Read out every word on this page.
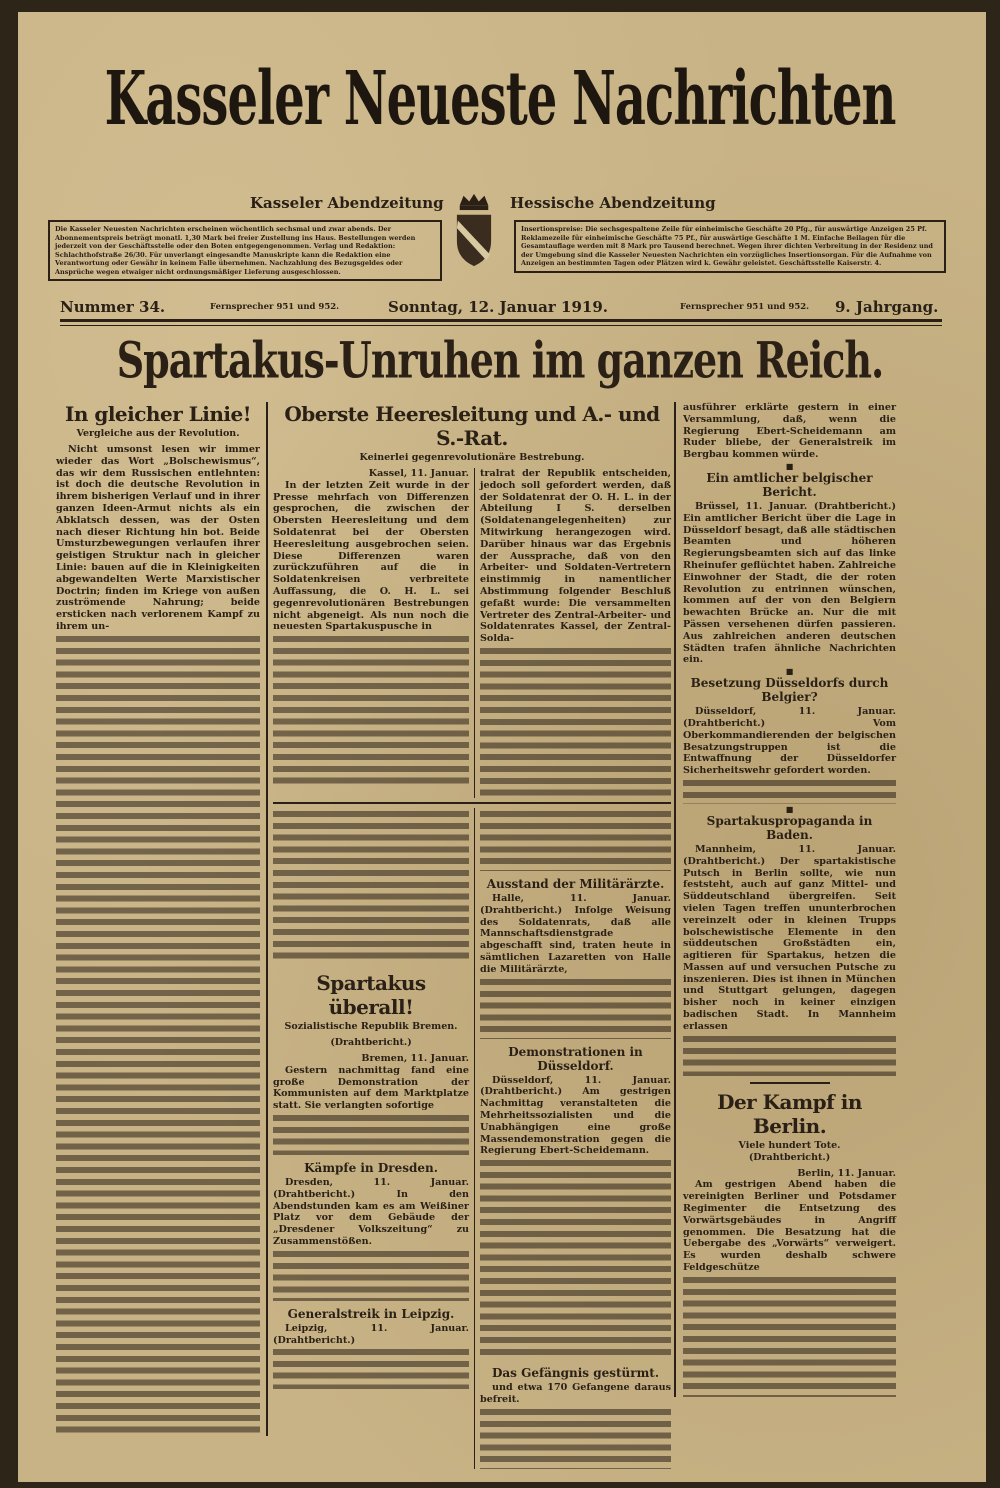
Kasseler Neueste Nachrichten
Kasseler Abendzeitung	Hessische Abendzeitung
Die Kasseler Neuesten Nachrichten erscheinen wöchentlich sechsmal und zwar abends. Der Abonnementspreis beträgt monatl. 1,30 Mark bei freier Zustellung ins Haus. Bestellungen werden jederzeit von der Geschäftsstelle oder den Boten entgegengenommen. Verlag und Redaktion: Schlachthofstraße 26/30. Für unverlangt eingesandte Manuskripte kann die Redaktion eine Verantwortung oder Gewähr in keinem Falle übernehmen. Nachzahlung des Bezugsgeldes oder Ansprüche wegen etwaiger nicht ordnungsmäßiger Lieferung ausgeschlossen.
Insertionspreise: Die sechsgespaltene Zeile für einheimische Geschäfte 20 Pfg., für auswärtige Anzeigen 25 Pf. Reklamezeile für einheimische Geschäfte 75 Pf., für auswärtige Geschäfte 1 M. Einfache Beilagen für die Gesamtauflage werden mit 8 Mark pro Tausend berechnet. Wegen ihrer dichten Verbreitung in der Residenz und der Umgebung sind die Kasseler Neuesten Nachrichten ein vorzügliches Insertionsorgan. Für die Aufnahme von Anzeigen an bestimmten Tagen oder Plätzen wird k. Gewähr geleistet. Geschäftsstelle Kaiserstr. 4.
Nummer 34.	Fernsprecher 951 und 952.	Sonntag, 12. Januar 1919.	Fernsprecher 951 und 952. 9. Jahrgang.
Spartakus-Unruhen im ganzen Reich.
In gleicher Linie!
Vergleiche aus der Revolution.

Nicht umsonst lesen wir immer wieder das Wort „Bolschewismus“, das wir dem Russischen entlehnten: ist doch die deutsche Revolution in ihrem bisherigen Verlauf und in ihrer ganzen Ideen-Armut nichts als ein Abklatsch dessen, was der Osten nach dieser Richtung hin bot. Beide Umsturzbewegungen verlaufen ihrer geistigen Struktur nach in gleicher Linie: bauen auf die in Kleinigkeiten abgewandelten Werte Marxistischer Doctrin; finden im Kriege von außen zuströmende Nahrung; beide ersticken nach verlorenem Kampf zu ihrem un-

Oberste Heeresleitung und A.- und S.-Rat.
Keinerlei gegenrevolutionäre Bestrebung.
Kassel, 11. Januar.

In der letzten Zeit wurde in der Presse mehrfach von Differenzen gesprochen, die zwischen der Obersten Heeresleitung und dem Soldatenrat bei der Obersten Heeresleitung ausgebrochen seien. Diese Differenzen waren zurückzuführen auf die in Soldatenkreisen verbreitete Auffassung, die O. H. L. sei gegenrevolutionären Bestrebungen nicht abgeneigt. Als nun noch die neuesten Spartakuspusche in

tralrat der Republik entscheiden, jedoch soll gefordert werden, daß der Soldatenrat der O. H. L. in der Abteilung I S. derselben (Soldatenangelegenheiten) zur Mitwirkung herangezogen wird. Darüber hinaus war das Ergebnis der Aussprache, daß von den Arbeiter- und Soldaten-Vertretern einstimmig in namentlicher Abstimmung folgender Beschluß gefaßt wurde: Die versammelten Vertreter des Zentral-Arbeiter- und Soldatenrates Kassel, der Zentral-Solda-

Spartakus überall!
Sozialistische Republik Bremen.
(Drahtbericht.)
Bremen, 11. Januar.

Gestern nachmittag fand eine große Demonstration der Kommunisten auf dem Marktplatze statt. Sie verlangten sofortige

Kämpfe in Dresden.

Dresden, 11. Januar. (Drahtbericht.) In den Abendstunden kam es am Weißiner Platz vor dem Gebäude der „Dresdener Volkszeitung“ zu Zusammenstößen.

Generalstreik in Leipzig.

Leipzig, 11. Januar. (Drahtbericht.)

Ausstand der Militärärzte.

Halle, 11. Januar. (Drahtbericht.) Infolge Weisung des Soldatenrats, daß alle Mannschaftsdienstgrade abgeschafft sind, traten heute in sämtlichen Lazaretten von Halle die Militärärzte,

Demonstrationen in Düsseldorf.

Düsseldorf, 11. Januar. (Drahtbericht.) Am gestrigen Nachmittag veranstalteten die Mehrheitssozialisten und die Unabhängigen eine große Massendemonstration gegen die Regierung Ebert-Scheidemann.

Das Gefängnis gestürmt.

und etwa 170 Gefangene daraus befreit.

ausführer erklärte gestern in einer Versammlung, daß, wenn die Regierung Ebert-Scheidemann am Ruder bliebe, der Generalstreik im Bergbau kommen würde.

■
Ein amtlicher belgischer Bericht.

Brüssel, 11. Januar. (Drahtbericht.) Ein amtlicher Bericht über die Lage in Düsseldorf besagt, daß alle städtischen Beamten und höheren Regierungsbeamten sich auf das linke Rheinufer geflüchtet haben. Zahlreiche Einwohner der Stadt, die der roten Revolution zu entrinnen wünschen, kommen auf der von den Belgiern bewachten Brücke an. Nur die mit Pässen versehenen dürfen passieren. Aus zahlreichen anderen deutschen Städten trafen ähnliche Nachrichten ein.

■
Besetzung Düsseldorfs durch Belgier?

Düsseldorf, 11. Januar. (Drahtbericht.) Vom Oberkommandierenden der belgischen Besatzungstruppen ist die Entwaffnung der Düsseldorfer Sicherheitswehr gefordert worden.

■
Spartakuspropaganda in Baden.

Mannheim, 11. Januar. (Drahtbericht.) Der spartakistische Putsch in Berlin sollte, wie nun feststeht, auch auf ganz Mittel- und Süddeutschland übergreifen. Seit vielen Tagen treffen ununterbrochen vereinzelt oder in kleinen Trupps bolschewistische Elemente in den süddeutschen Großstädten ein, agitieren für Spartakus, hetzen die Massen auf und versuchen Putsche zu inszenieren. Dies ist ihnen in München und Stuttgart gelungen, dagegen bisher noch in keiner einzigen badischen Stadt. In Mannheim erlassen

Der Kampf in Berlin.
Viele hundert Tote.
(Drahtbericht.)
Berlin, 11. Januar.

Am gestrigen Abend haben die vereinigten Berliner und Potsdamer Regimenter die Entsetzung des Vorwärtsgebäudes in Angriff genommen. Die Besatzung hat die Uebergabe des „Vorwärts“ verweigert. Es wurden deshalb schwere Feldgeschütze
